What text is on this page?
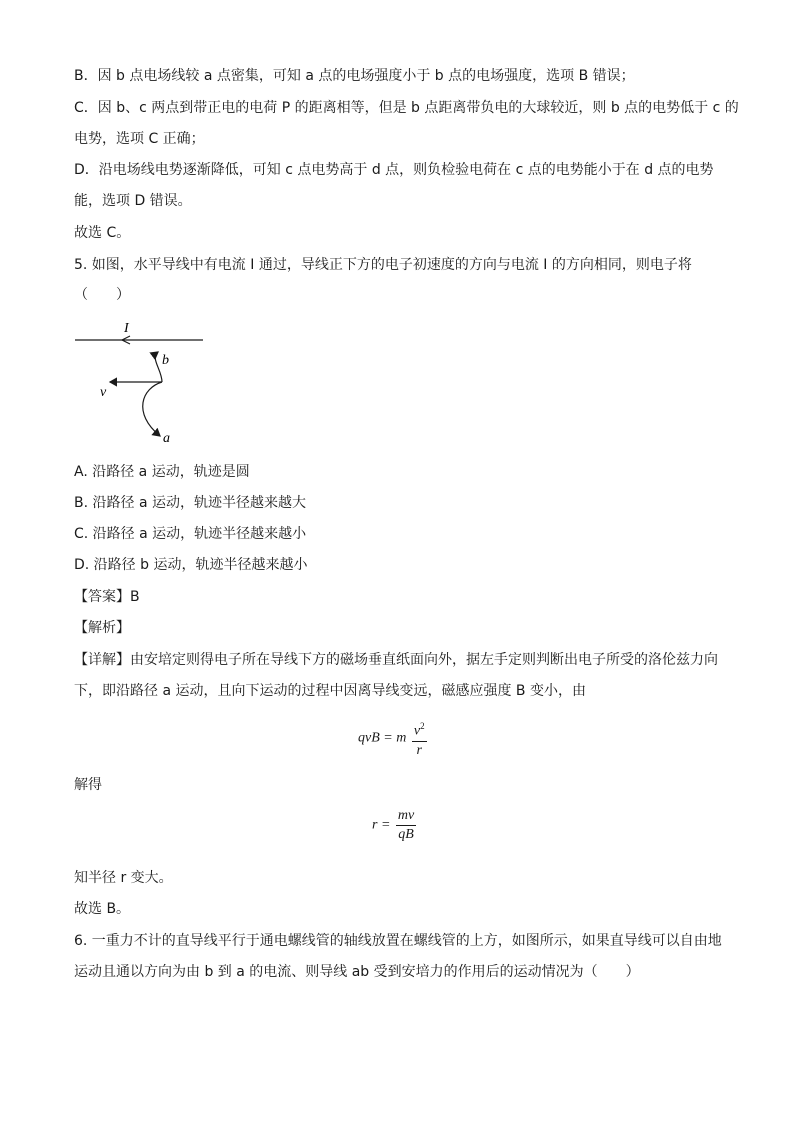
B．因 b 点电场线较 a 点密集，可知 a 点的电场强度小于 b 点的电场强度，选项 B 错误；
C．因 b、c 两点到带正电的电荷 P 的距离相等，但是 b 点距离带负电的大球较近，则 b 点的电势低于 c 的
电势，选项 C 正确；
D．沿电场线电势逐渐降低，可知 c 点电势高于 d 点，则负检验电荷在 c 点的电势能小于在 d 点的电势
能，选项 D 错误。
故选 C。
5. 如图，水平导线中有电流 I 通过，导线正下方的电子初速度的方向与电流 I 的方向相同，则电子将
（　　）
I
v
b
a
A. 沿路径 a 运动，轨迹是圆
B. 沿路径 a 运动，轨迹半径越来越大
C. 沿路径 a 运动，轨迹半径越来越小
D. 沿路径 b 运动，轨迹半径越来越小
【答案】B
【解析】
【详解】由安培定则得电子所在导线下方的磁场垂直纸面向外，据左手定则判断出电子所受的洛伦兹力向
下，即沿路径 a 运动，且向下运动的过程中因离导线变远，磁感应强度 B 变小，由
qvB = m $\frac{v^2}{r}$
解得
$r = \frac{mv}{qB}$
知半径 r 变大。
故选 B。
6. 一重力不计的直导线平行于通电螺线管的轴线放置在螺线管的上方，如图所示，如果直导线可以自由地
运动且通以方向为由 b 到 a 的电流、则导线 ab 受到安培力的作用后的运动情况为（　　）
